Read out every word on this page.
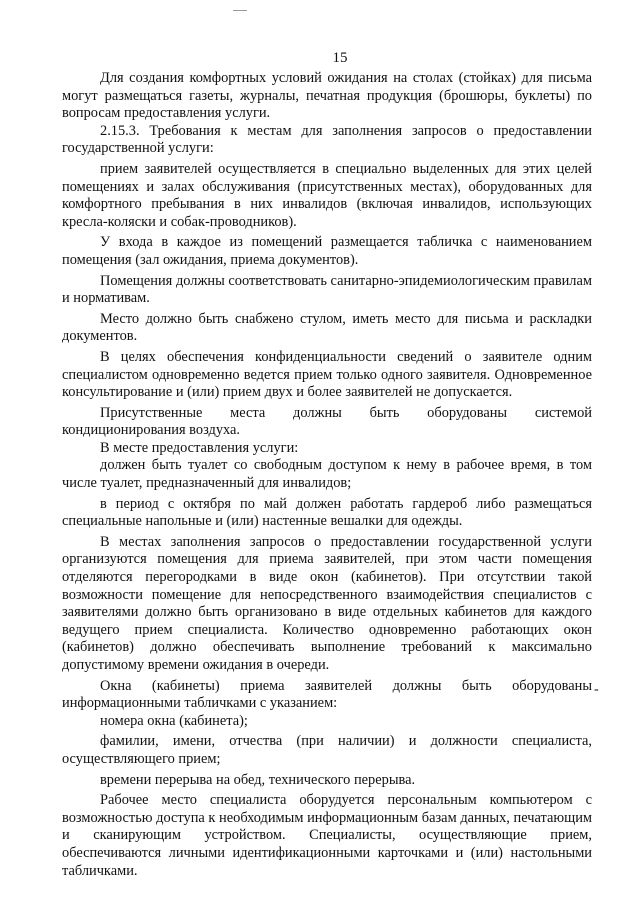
15

Для создания комфортных условий ожидания на столах (стойках) для письма могут размещаться газеты, журналы, печатная продукция (брошюры, буклеты) по вопросам предоставления услуги.

2.15.3. Требования к местам для заполнения запросов о предоставлении государственной услуги:

прием заявителей осуществляется в специально выделенных для этих целей помещениях и залах обслуживания (присутственных местах), оборудованных для комфортного пребывания в них инвалидов (включая инвалидов, использующих кресла-коляски и собак-проводников).

У входа в каждое из помещений размещается табличка с наименованием помещения (зал ожидания, приема документов).

Помещения должны соответствовать санитарно-эпидемиологическим правилам и нормативам.

Место должно быть снабжено стулом, иметь место для письма и раскладки документов.

В целях обеспечения конфиденциальности сведений о заявителе одним специалистом одновременно ведется прием только одного заявителя. Одновременное консультирование и (или) прием двух и более заявителей не допускается.

Присутственные места должны быть оборудованы системой кондиционирования воздуха.

В месте предоставления услуги:

должен быть туалет со свободным доступом к нему в рабочее время, в том числе туалет, предназначенный для инвалидов;

в период с октября по май должен работать гардероб либо размещаться специальные напольные и (или) настенные вешалки для одежды.

В местах заполнения запросов о предоставлении государственной услуги организуются помещения для приема заявителей, при этом части помещения отделяются перегородками в виде окон (кабинетов). При отсутствии такой возможности помещение для непосредственного взаимодействия специалистов с заявителями должно быть организовано в виде отдельных кабинетов для каждого ведущего прием специалиста. Количество одновременно работающих окон (кабинетов) должно обеспечивать выполнение требований к максимально допустимому времени ожидания в очереди.

Окна (кабинеты) приема заявителей должны быть оборудованы информационными табличками с указанием:

номера окна (кабинета);

фамилии, имени, отчества (при наличии) и должности специалиста, осуществляющего прием;

времени перерыва на обед, технического перерыва.

Рабочее место специалиста оборудуется персональным компьютером с возможностью доступа к необходимым информационным базам данных, печатающим и сканирующим устройством. Специалисты, осуществляющие прием, обеспечиваются личными идентификационными карточками и (или) настольными табличками.

-
